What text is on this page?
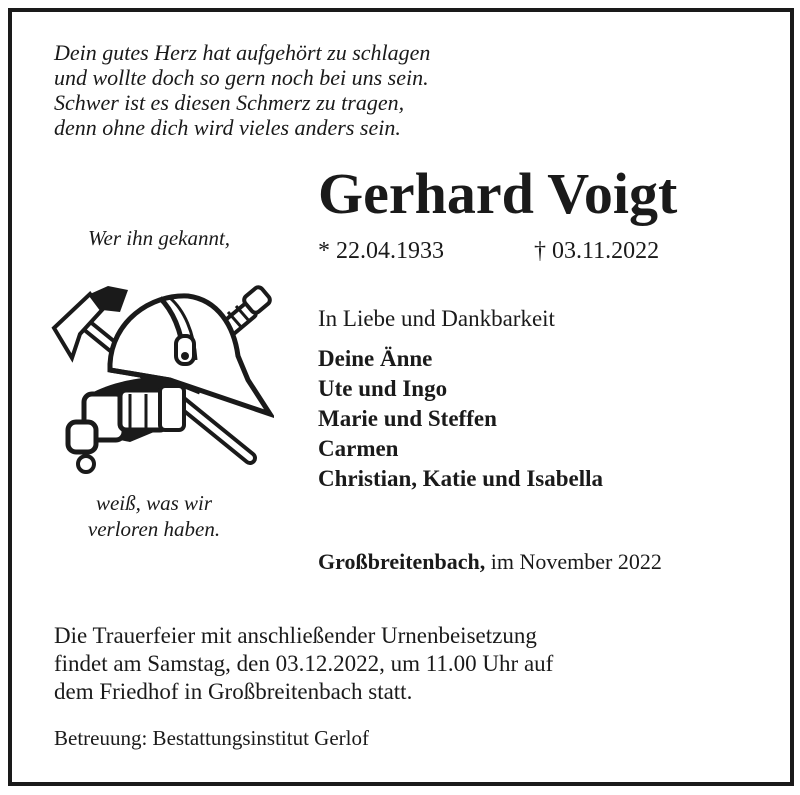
Dein gutes Herz hat aufgehört zu schlagen
und wollte doch so gern noch bei uns sein.
Schwer ist es diesen Schmerz zu tragen,
denn ohne dich wird vieles anders sein.
Gerhard Voigt
* 22.04.1933	† 03.11.2022
Wer ihn gekannt,
weiß, was wir
verloren haben.
In Liebe und Dankbarkeit
Deine Änne
Ute und Ingo
Marie und Steffen
Carmen
Christian, Katie und Isabella
Großbreitenbach, im November 2022
Die Trauerfeier mit anschließender Urnenbeisetzung
findet am Samstag, den 03.12.2022, um 11.00 Uhr auf
dem Friedhof in Großbreitenbach statt.
Betreuung: Bestattungsinstitut Gerlof
